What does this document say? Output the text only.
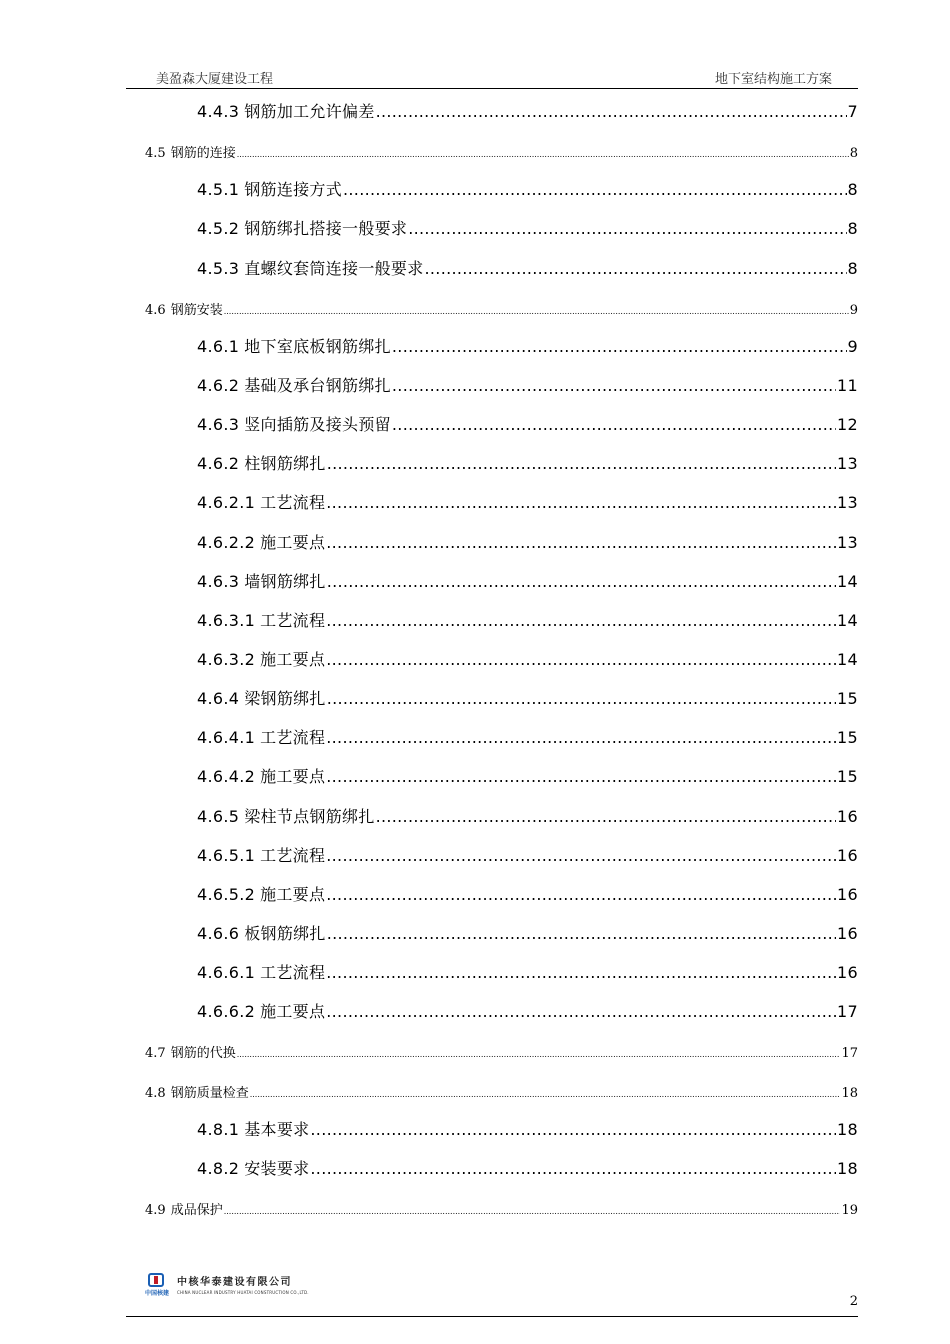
美盈森大厦建设工程	地下室结构施工方案
4.4.3 钢筋加工允许偏差 .....	7
4.5 钢筋的连接 .....	8
4.5.1 钢筋连接方式 .....	8
4.5.2 钢筋绑扎搭接一般要求 .....	8
4.5.3 直螺纹套筒连接一般要求 .....	8
4.6 钢筋安装 .....	9
4.6.1 地下室底板钢筋绑扎 .....	9
4.6.2 基础及承台钢筋绑扎 .....	11
4.6.3 竖向插筋及接头预留 .....	12
4.6.2 柱钢筋绑扎 .....	13
4.6.2.1 工艺流程 .....	13
4.6.2.2 施工要点 .....	13
4.6.3 墙钢筋绑扎 .....	14
4.6.3.1 工艺流程 .....	14
4.6.3.2 施工要点 .....	14
4.6.4 梁钢筋绑扎 .....	15
4.6.4.1 工艺流程 .....	15
4.6.4.2 施工要点 .....	15
4.6.5 梁柱节点钢筋绑扎 .....	16
4.6.5.1 工艺流程 .....	16
4.6.5.2 施工要点 .....	16
4.6.6 板钢筋绑扎 .....	16
4.6.6.1 工艺流程 .....	16
4.6.6.2 施工要点 .....	17
4.7 钢筋的代换 .....	17
4.8 钢筋质量检查 .....	18
4.8.1 基本要求 .....	18
4.8.2 安装要求 .....	18
4.9 成品保护 .....	19
中国核建
中核华泰建设有限公司
CHINA NUCLEAR INDUSTRY HUATAI CONSTRUCTION CO.,LTD.
2
